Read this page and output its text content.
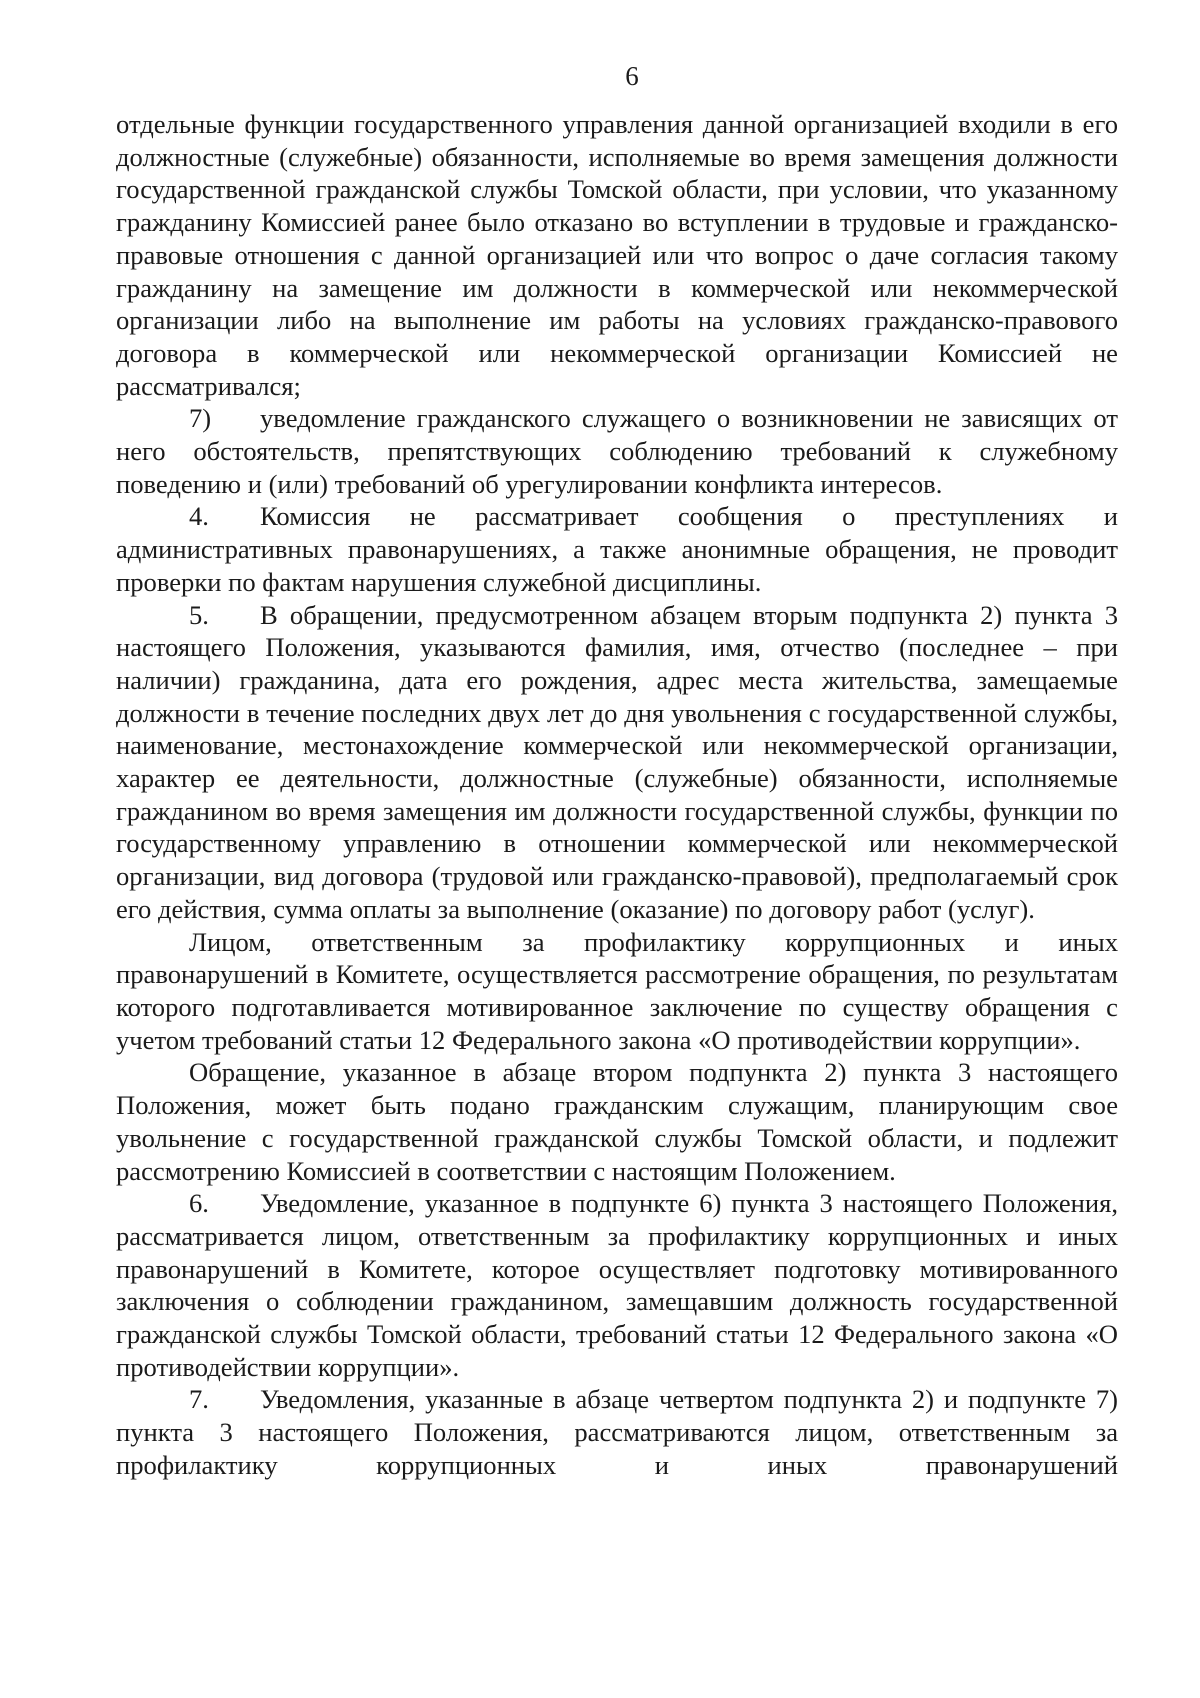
6

отдельные функции государственного управления данной организацией входили в его должностные (служебные) обязанности, исполняемые во время замещения должности государственной гражданской службы Томской области, при условии, что указанному гражданину Комиссией ранее было отказано во вступлении в трудовые и гражданско-правовые отношения с данной организацией или что вопрос о даче согласия такому гражданину на замещение им должности в коммерческой или некоммерческой организации либо на выполнение им работы на условиях гражданско-правового договора в коммерческой или некоммерческой организации Комиссией не рассматривался;

7) уведомление гражданского служащего о возникновении не зависящих от него обстоятельств, препятствующих соблюдению требований к служебному поведению и (или) требований об урегулировании конфликта интересов.

4. Комиссия не рассматривает сообщения о преступлениях и административных правонарушениях, а также анонимные обращения, не проводит проверки по фактам нарушения служебной дисциплины.

5. В обращении, предусмотренном абзацем вторым подпункта 2) пункта 3 настоящего Положения, указываются фамилия, имя, отчество (последнее – при наличии) гражданина, дата его рождения, адрес места жительства, замещаемые должности в течение последних двух лет до дня увольнения с государственной службы, наименование, местонахождение коммерческой или некоммерческой организации, характер ее деятельности, должностные (служебные) обязанности, исполняемые гражданином во время замещения им должности государственной службы, функции по государственному управлению в отношении коммерческой или некоммерческой организации, вид договора (трудовой или гражданско-правовой), предполагаемый срок его действия, сумма оплаты за выполнение (оказание) по договору работ (услуг).

Лицом, ответственным за профилактику коррупционных и иных правонарушений в Комитете, осуществляется рассмотрение обращения, по результатам которого подготавливается мотивированное заключение по существу обращения с учетом требований статьи 12 Федерального закона «О противодействии коррупции».

Обращение, указанное в абзаце втором подпункта 2) пункта 3 настоящего Положения, может быть подано гражданским служащим, планирующим свое увольнение с государственной гражданской службы Томской области, и подлежит рассмотрению Комиссией в соответствии с настоящим Положением.

6. Уведомление, указанное в подпункте 6) пункта 3 настоящего Положения, рассматривается лицом, ответственным за профилактику коррупционных и иных правонарушений в Комитете, которое осуществляет подготовку мотивированного заключения о соблюдении гражданином, замещавшим должность государственной гражданской службы Томской области, требований статьи 12 Федерального закона «О противодействии коррупции».

7. Уведомления, указанные в абзаце четвертом подпункта 2) и подпункте 7) пункта 3 настоящего Положения, рассматриваются лицом, ответственным за профилактику коррупционных и иных правонарушений
